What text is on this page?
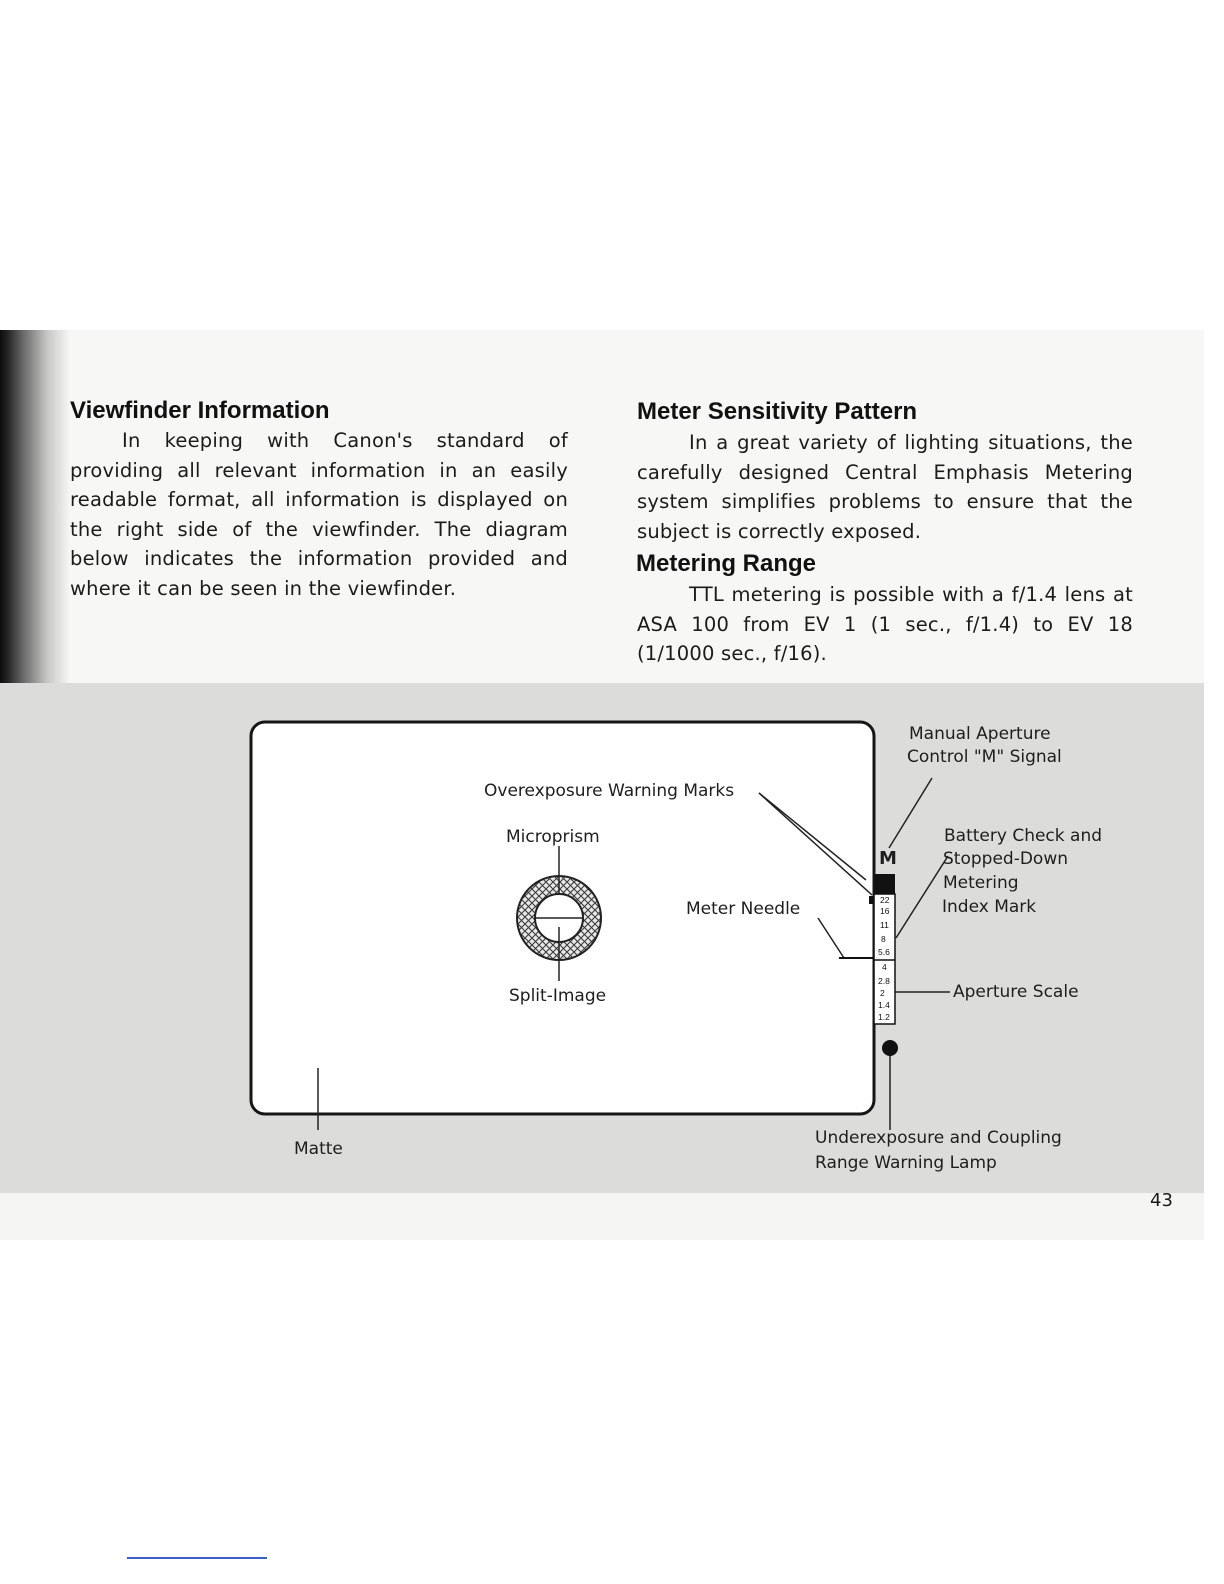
Viewfinder Information

In keeping with Canon's standard of providing all relevant information in an easily readable format, all information is displayed on the right side of the viewfinder. The diagram below indicates the information provided and where it can be seen in the viewfinder.

Meter Sensitivity Pattern

In a great variety of lighting situations, the carefully designed Central Emphasis Metering system simplifies problems to ensure that the subject is correctly exposed.

Metering Range

TTL metering is possible with a f/1.4 lens at ASA 100 from EV 1 (1 sec., f/1.4) to EV 18 (1/1000 sec., f/16).

M
22
16
11
8
5.6
4
2.8
2
1.4
1.2
Manual Aperture
Control "M" Signal
Overexposure Warning Marks
Microprism	Battery Check and
Stopped-Down
Metering
Index Mark
Meter Needle
Split-Image	Aperture Scale
Matte
Underexposure and Coupling
Range Warning Lamp
43
